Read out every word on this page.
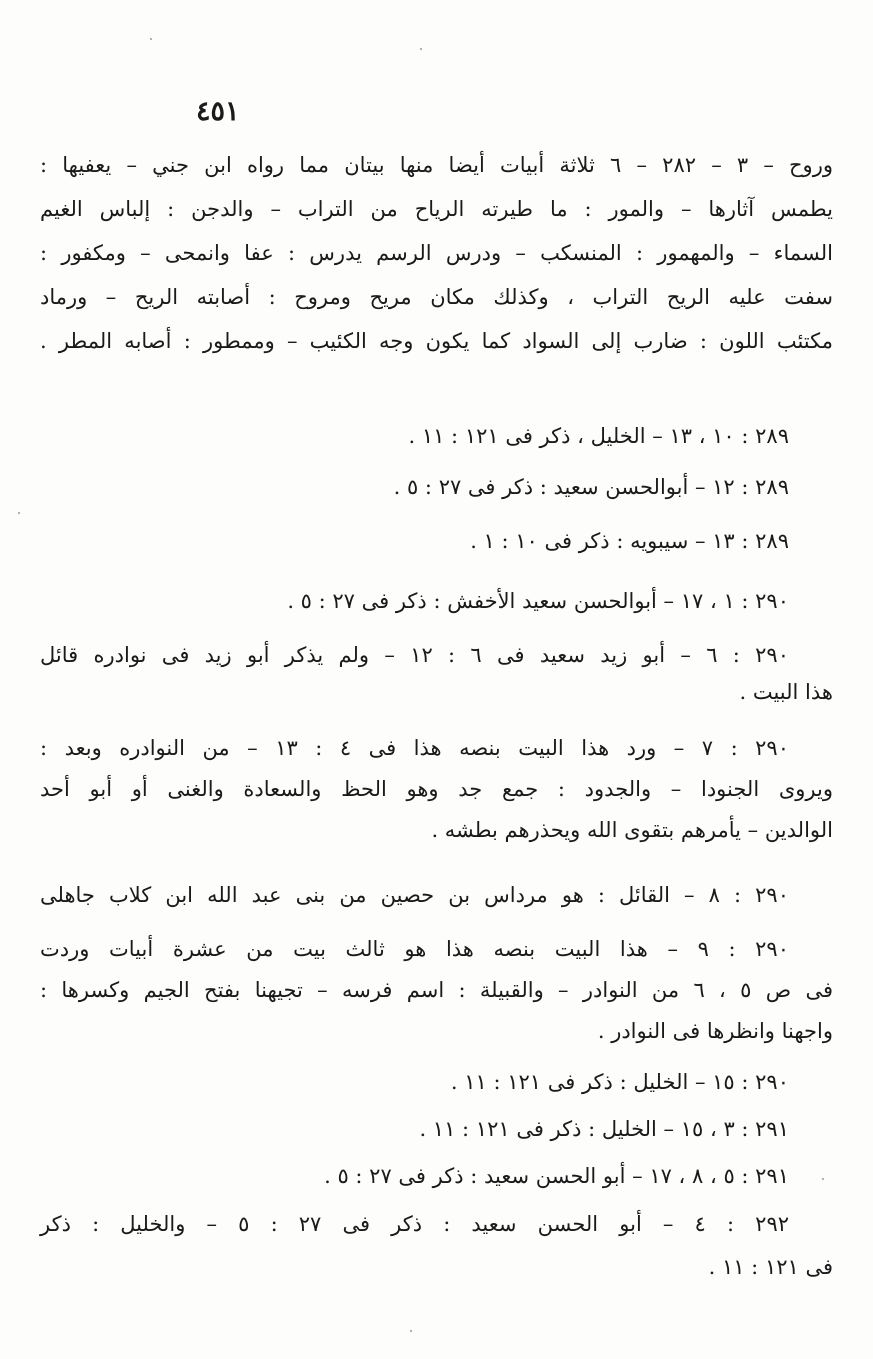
٤٥١
وروح – ٣ – ٢٨٢ – ٦ ثلاثة أبيات أيضا منها بيتان مما رواه ابن جني – يعفيها :
يطمس آثارها – والمور : ما طيرته الرياح من التراب – والدجن : إلباس الغيم
السماء – والمهمور : المنسكب – ودرس الرسم يدرس : عفا وانمحى – ومكفور :
سفت عليه الريح التراب ، وكذلك مكان مريح ومروح : أصابته الريح – ورماد
مكتئب اللون : ضارب إلى السواد كما يكون وجه الكئيب – وممطور : أصابه المطر .
٢٨٩ : ١٠ ، ١٣ – الخليل ، ذكر فى ١٢١ : ١١ .
٢٨٩ : ١٢ – أبوالحسن سعيد : ذكر فى ٢٧ : ٥ .
٢٨٩ : ١٣ – سيبويه : ذكر فى ١٠ : ١ .
٢٩٠ : ١ ، ١٧ – أبوالحسن سعيد الأخفش : ذكر فى ٢٧ : ٥ .
٢٩٠ : ٦ – أبو زيد سعيد فى ٦ : ١٢ – ولم يذكر أبو زيد فى نوادره قائل
هذا البيت .
٢٩٠ : ٧ – ورد هذا البيت بنصه هذا فى ٤ : ١٣ – من النوادره وبعد :
ويروى الجنودا – والجدود : جمع جد وهو الحظ والسعادة والغنى أو أبو أحد
الوالدين – يأمرهم بتقوى الله ويحذرهم بطشه .
٢٩٠ : ٨ – القائل : هو مرداس بن حصين من بنى عبد الله ابن كلاب جاهلى
٢٩٠ : ٩ – هذا البيت بنصه هذا هو ثالث بيت من عشرة أبيات وردت
فى ص ٥ ، ٦ من النوادر – والقبيلة : اسم فرسه – تجيهنا بفتح الجيم وكسرها :
واجهنا وانظرها فى النوادر .
٢٩٠ : ١٥ – الخليل : ذكر فى ١٢١ : ١١ .
٢٩١ : ٣ ، ١٥ – الخليل : ذكر فى ١٢١ : ١١ .
٢٩١ : ٥ ، ٨ ، ١٧ – أبو الحسن سعيد : ذكر فى ٢٧ : ٥ .
٢٩٢ : ٤ – أبو الحسن سعيد : ذكر فى ٢٧ : ٥ – والخليل : ذكر
فى ١٢١ : ١١ .
